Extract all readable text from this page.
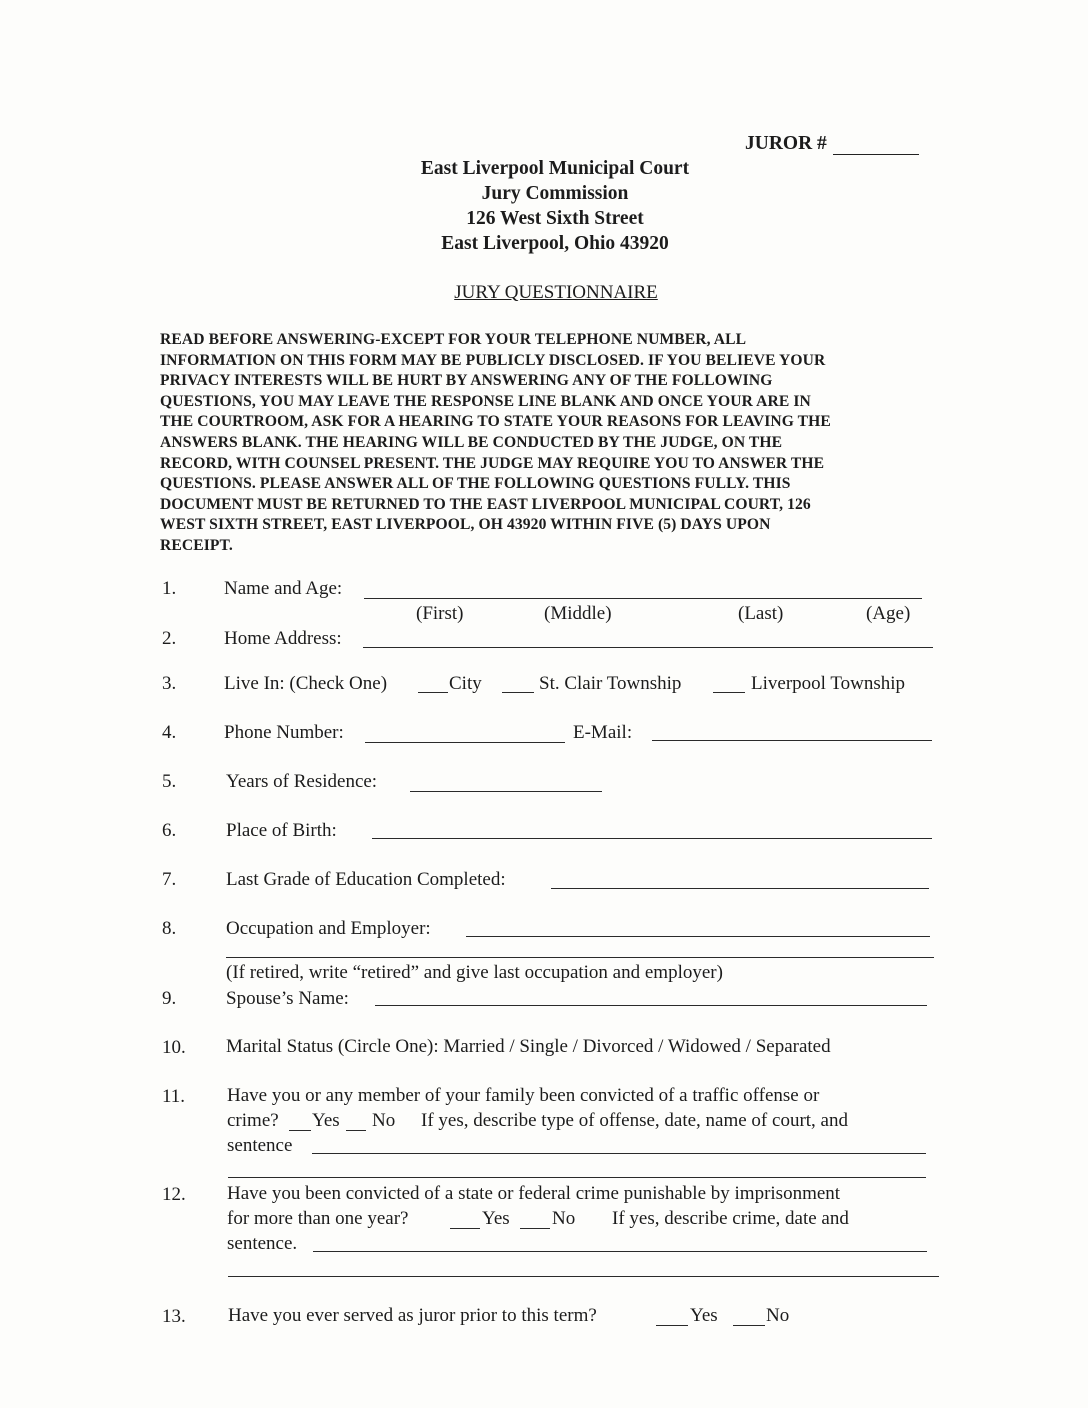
JUROR #
East Liverpool Municipal Court
Jury Commission
126 West Sixth Street
East Liverpool, Ohio 43920
JURY QUESTIONNAIRE
READ BEFORE ANSWERING-EXCEPT FOR YOUR TELEPHONE NUMBER, ALL
INFORMATION ON THIS FORM MAY BE PUBLICLY DISCLOSED. IF YOU BELIEVE YOUR
PRIVACY INTERESTS WILL BE HURT BY ANSWERING ANY OF THE FOLLOWING
QUESTIONS, YOU MAY LEAVE THE RESPONSE LINE BLANK AND ONCE YOUR ARE IN
THE COURTROOM, ASK FOR A HEARING TO STATE YOUR REASONS FOR LEAVING THE
ANSWERS BLANK. THE HEARING WILL BE CONDUCTED BY THE JUDGE, ON THE
RECORD, WITH COUNSEL PRESENT. THE JUDGE MAY REQUIRE YOU TO ANSWER THE
QUESTIONS. PLEASE ANSWER ALL OF THE FOLLOWING QUESTIONS FULLY. THIS
DOCUMENT MUST BE RETURNED TO THE EAST LIVERPOOL MUNICIPAL COURT, 126
WEST SIXTH STREET, EAST LIVERPOOL, OH 43920 WITHIN FIVE (5) DAYS UPON
RECEIPT.
1.	Name and Age:
(First)	(Middle)	(Last)	(Age)
2.	Home Address:
3.	Live In: (Check One)	City	St. Clair Township	Liverpool Township
4.	Phone Number:	E-Mail:
5.	Years of Residence:
6.	Place of Birth:
7.	Last Grade of Education Completed:
8.	Occupation and Employer:
(If retired, write “retired” and give last occupation and employer)
9.	Spouse’s Name:
10. Marital Status (Circle One): Married / Single / Divorced / Widowed / Separated
11. Have you or any member of your family been convicted of a traffic offense or
crime? Yes No If yes, describe type of offense, date, name of court, and
sentence
12. Have you been convicted of a state or federal crime punishable by imprisonment
for more than one year?	Yes No If yes, describe crime, date and
sentence.
13. Have you ever served as juror prior to this term?	Yes	No
